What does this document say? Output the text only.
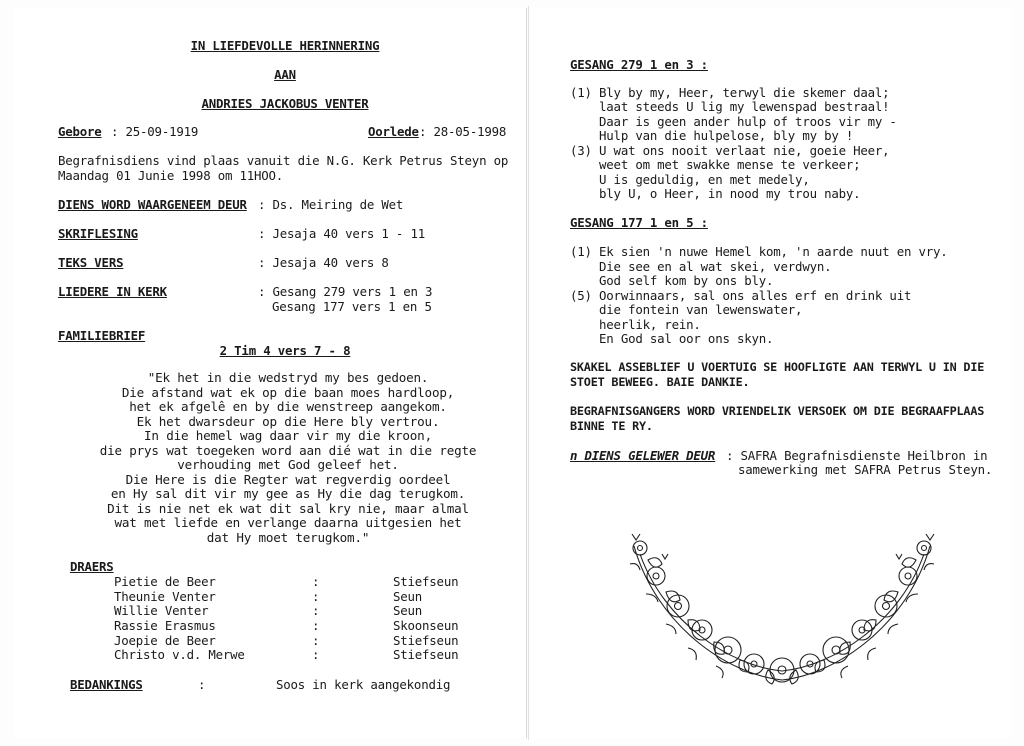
IN LIEFDEVOLLE HERINNERING
AAN
ANDRIES JACKOBUS VENTER
Gebore : 25-09-1919	Oorlede : 28-05-1998
Begrafnisdiens vind plaas vanuit die N.G. Kerk Petrus Steyn op
Maandag 01 Junie 1998 om 11HOO.
DIENS WORD WAARGENEEM DEUR : Ds. Meiring de Wet
SKRIFLESING	: Jesaja 40 vers 1 - 11
TEKS VERS	: Jesaja 40 vers 8
LIEDERE IN KERK	: Gesang 279 vers 1 en 3
Gesang 177 vers 1 en 5
FAMILIEBRIEF
2 Tim 4 vers 7 - 8
"Ek het in die wedstryd my bes gedoen.
Die afstand wat ek op die baan moes hardloop,
het ek afgelê en by die wenstreep aangekom.
Ek het dwarsdeur op die Here bly vertrou.
In die hemel wag daar vir my die kroon,
die prys wat toegeken word aan dié wat in die regte
verhouding met God geleef het.
Die Here is die Regter wat regverdig oordeel
en Hy sal dit vir my gee as Hy die dag terugkom.
Dit is nie net ek wat dit sal kry nie, maar almal
wat met liefde en verlange daarna uitgesien het
dat Hy moet terugkom."
DRAERS
Pietie de Beer	:	Stiefseun
Theunie Venter	:	Seun
Willie Venter	:	Seun
Rassie Erasmus	:	Skoonseun
Joepie de Beer	:	Stiefseun
Christo v.d. Merwe	:	Stiefseun
BEDANKINGS	:	Soos in kerk aangekondig
GESANG 279 1 en 3 :
(1) Bly by my, Heer, terwyl die skemer daal;
laat steeds U lig my lewenspad bestraal!
Daar is geen ander hulp of troos vir my -
Hulp van die hulpelose, bly my by !
(3) U wat ons nooit verlaat nie, goeie Heer,
weet om met swakke mense te verkeer;
U is geduldig, en met medely,
bly U, o Heer, in nood my trou naby.
GESANG 177 1 en 5 :
(1) Ek sien 'n nuwe Hemel kom, 'n aarde nuut en vry.
Die see en al wat skei, verdwyn.
God self kom by ons bly.
(5) Oorwinnaars, sal ons alles erf en drink uit
die fontein van lewenswater,
heerlik, rein.
En God sal oor ons skyn.
SKAKEL ASSEBLIEF U VOERTUIG SE HOOFLIGTE AAN TERWYL U IN DIE
STOET BEWEEG. BAIE DANKIE.
BEGRAFNISGANGERS WORD VRIENDELIK VERSOEK OM DIE BEGRAAFPLAAS
BINNE TE RY.
n DIENS GELEWER DEUR : SAFRA Begrafnisdienste Heilbron in
samewerking met SAFRA Petrus Steyn.
